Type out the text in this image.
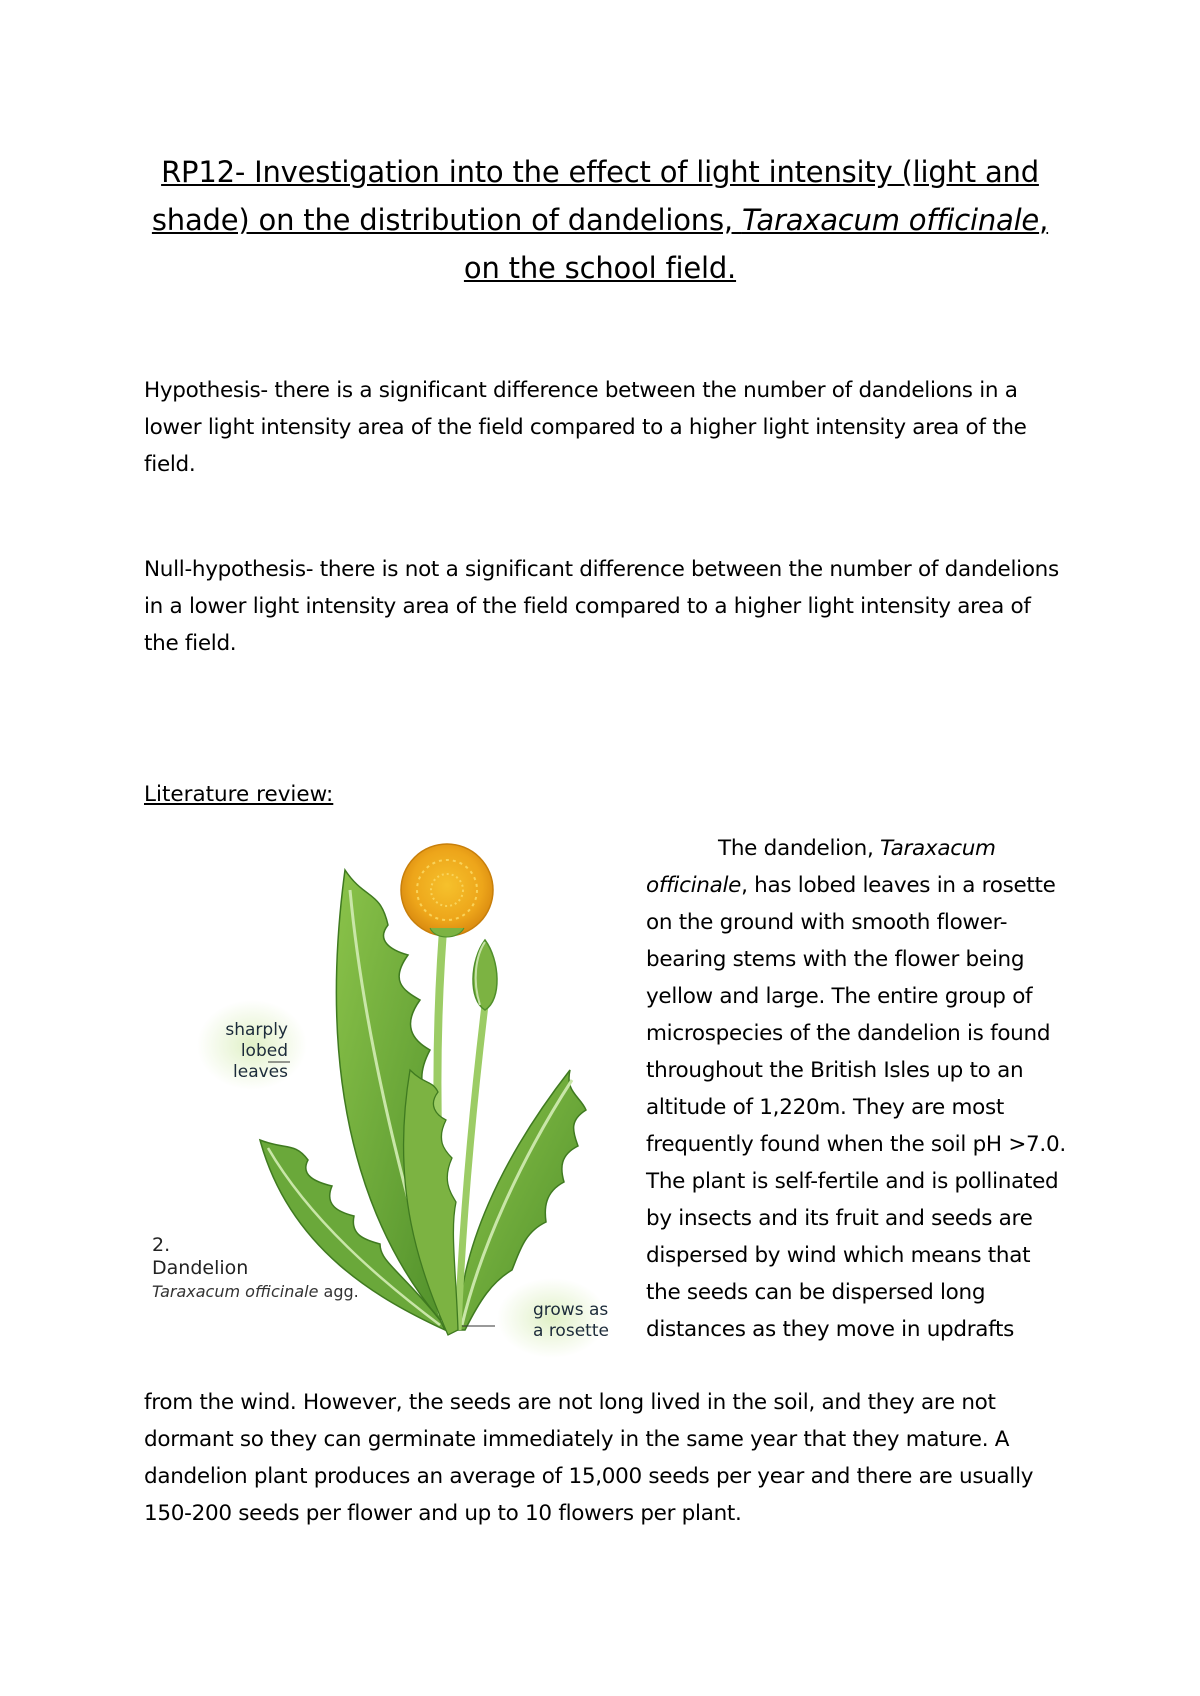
RP12- Investigation into the effect of light intensity (light and shade) on the distribution of dandelions, Taraxacum officinale, on the school field.
Hypothesis- there is a significant difference between the number of dandelions in a lower light intensity area of the field compared to a higher light intensity area of the field.
Null-hypothesis- there is not a significant difference between the number of dandelions in a lower light intensity area of the field compared to a higher light intensity area of the field.
Literature review:
sharply
lobed
leaves
grows as
a rosette
2.
Dandelion
Taraxacum officinale agg.
The dandelion, Taraxacum officinale, has lobed leaves in a rosette on the ground with smooth flower-bearing stems with the flower being yellow and large. The entire group of microspecies of the dandelion is found throughout the British Isles up to an altitude of 1,220m. They are most frequently found when the soil pH >7.0. The plant is self-fertile and is pollinated by insects and its fruit and seeds are dispersed by wind which means that the seeds can be dispersed long distances as they move in updrafts
from the wind. However, the seeds are not long lived in the soil, and they are not dormant so they can germinate immediately in the same year that they mature. A dandelion plant produces an average of 15,000 seeds per year and there are usually 150-200 seeds per flower and up to 10 flowers per plant.
